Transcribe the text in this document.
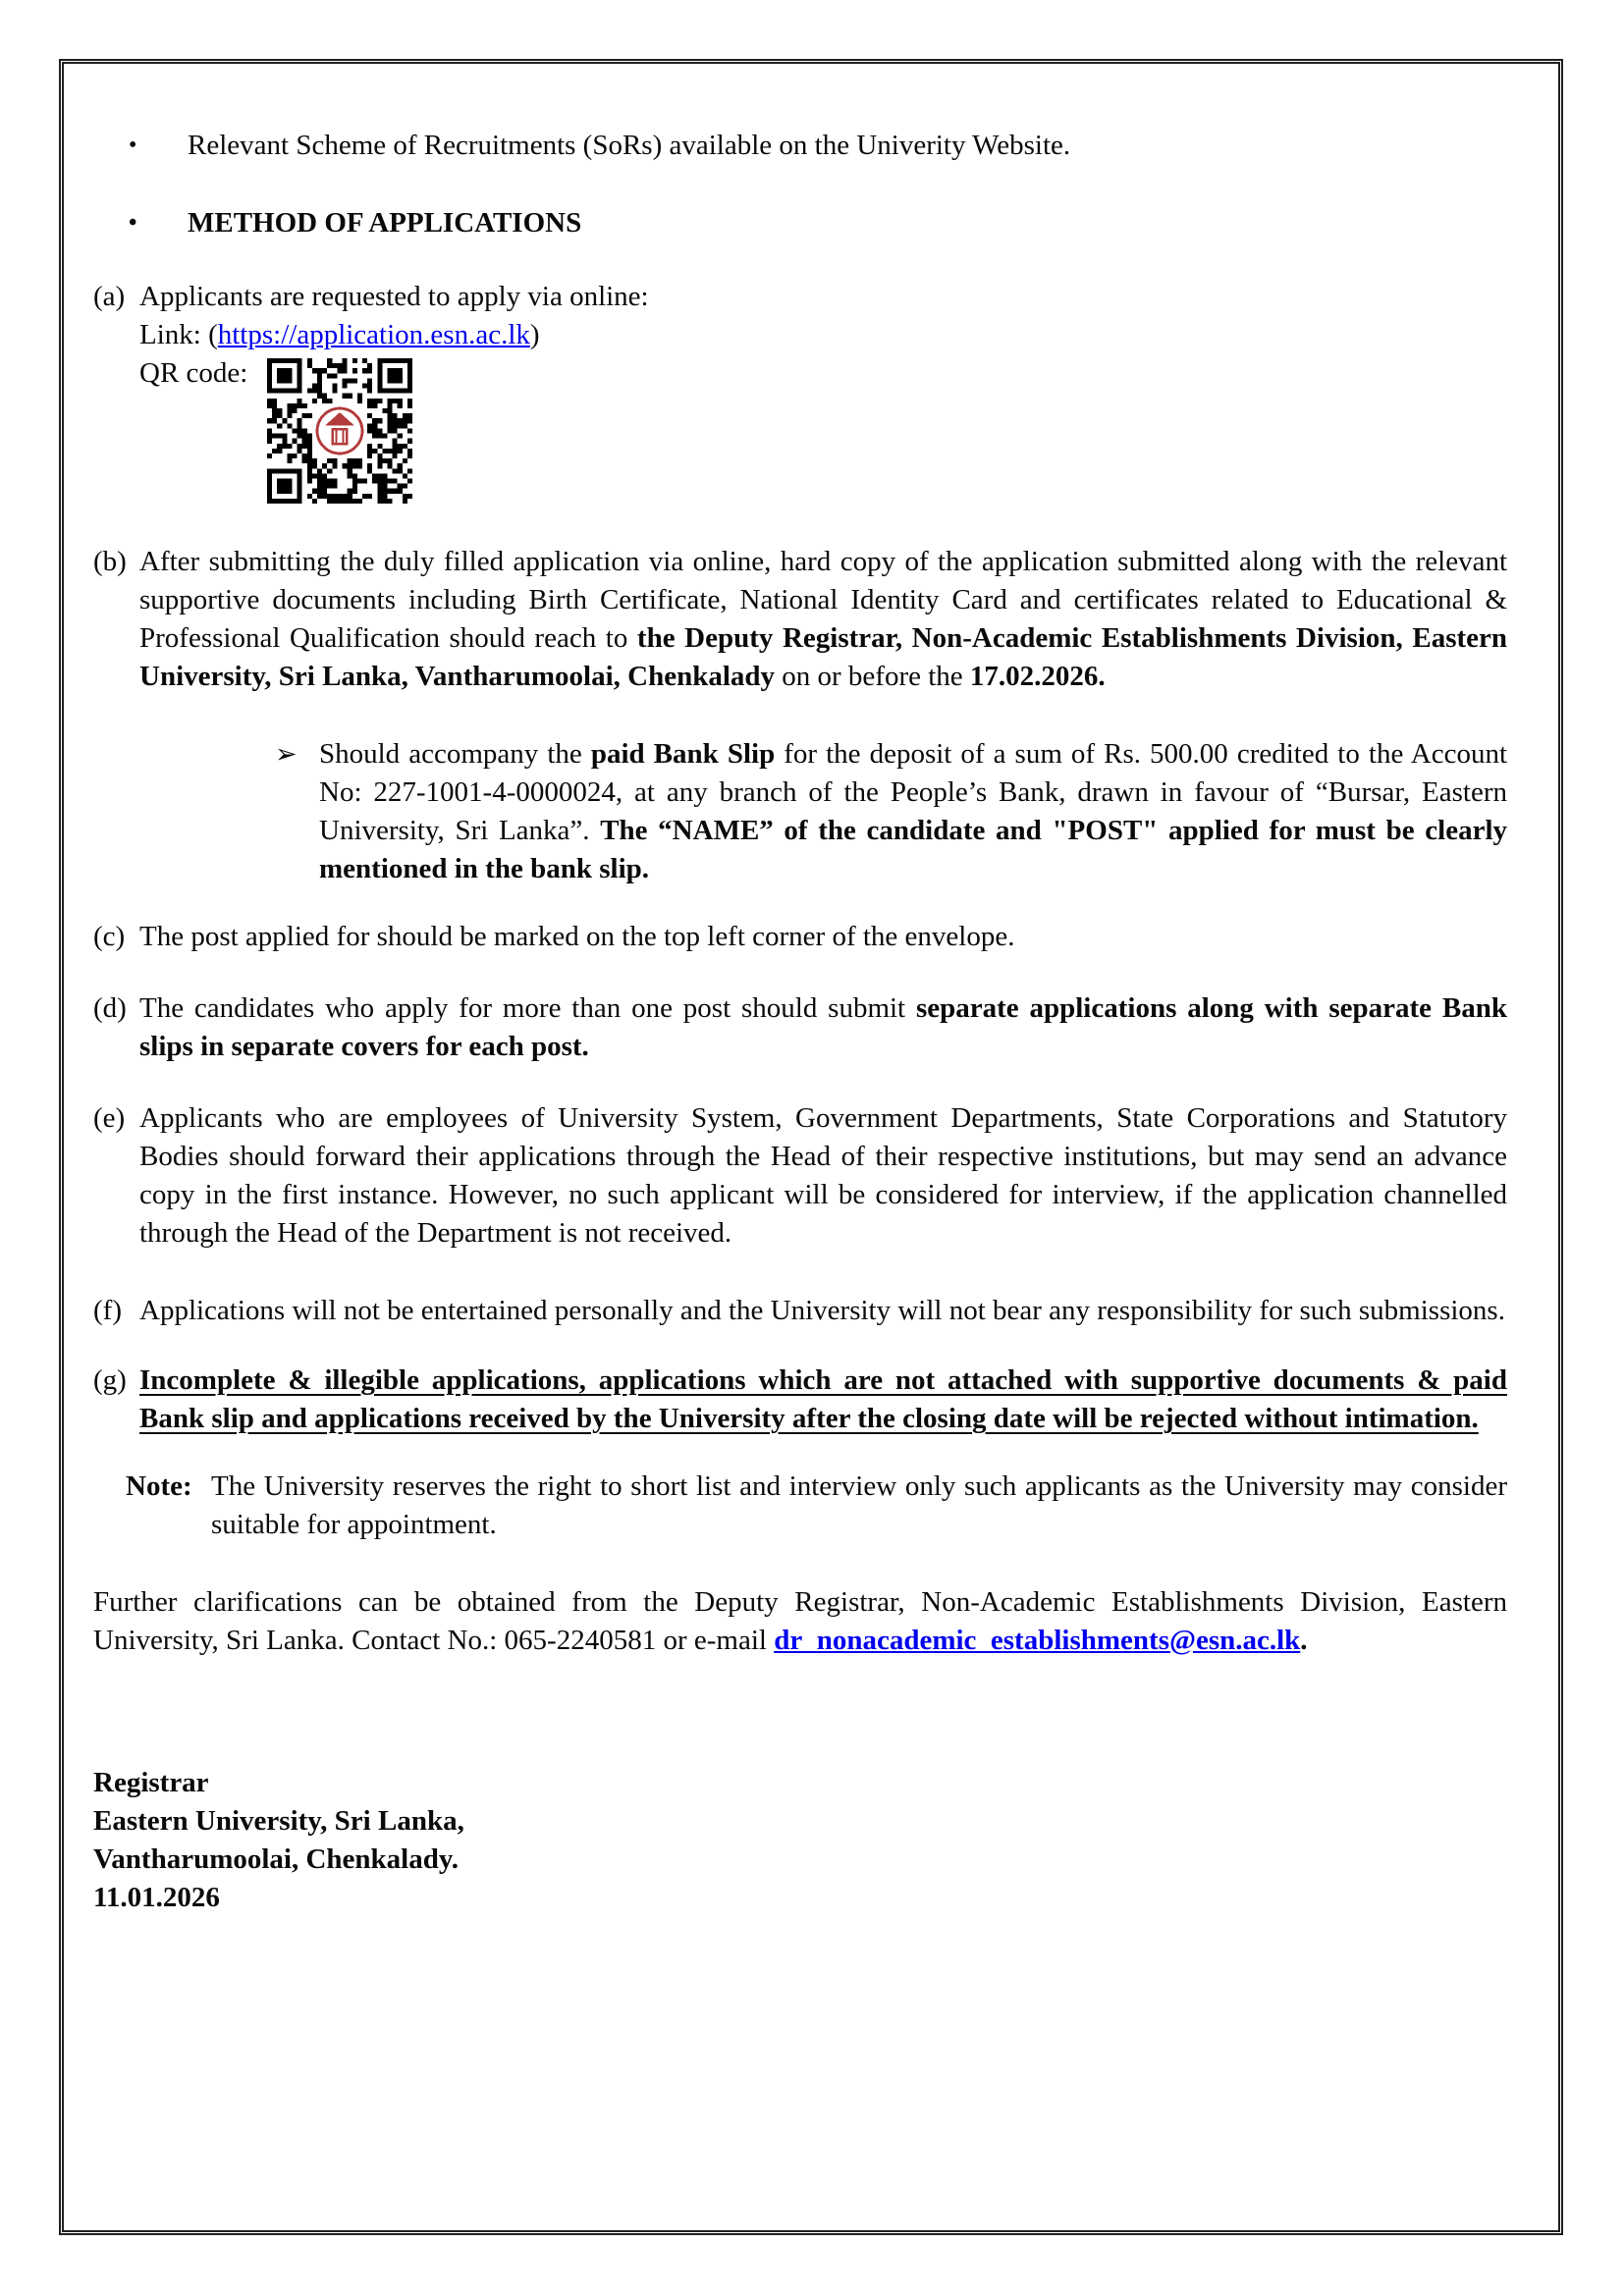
•	Relevant Scheme of Recruitments (SoRs) available on the Univerity Website.
•	METHOD OF APPLICATIONS
(a) Applicants are requested to apply via online:
Link: (https://application.esn.ac.lk)
QR code:
(b) After submitting the duly filled application via online, hard copy of the application submitted along with the relevant supportive documents including Birth Certificate, National Identity Card and certificates related to Educational & Professional Qualification should reach to the Deputy Registrar, Non-Academic Establishments Division, Eastern University, Sri Lanka, Vantharumoolai, Chenkalady on or before the 17.02.2026.
➢ Should accompany the paid Bank Slip for the deposit of a sum of Rs. 500.00 credited to the Account No: 227-1001-4-0000024, at any branch of the People’s Bank, drawn in favour of “Bursar, Eastern University, Sri Lanka”. The “NAME” of the candidate and "POST" applied for must be clearly mentioned in the bank slip.
(c) The post applied for should be marked on the top left corner of the envelope.
(d) The candidates who apply for more than one post should submit separate applications along with separate Bank slips in separate covers for each post.
(e) Applicants who are employees of University System, Government Departments, State Corporations and Statutory Bodies should forward their applications through the Head of their respective institutions, but may send an advance copy in the first instance. However, no such applicant will be considered for interview, if the application channelled through the Head of the Department is not received.
(f) Applications will not be entertained personally and the University will not bear any responsibility for such submissions.
(g) Incomplete & illegible applications, applications which are not attached with supportive documents & paid Bank slip and applications received by the University after the closing date will be rejected without intimation.
Note: The University reserves the right to short list and interview only such applicants as the University may consider suitable for appointment.
Further clarifications can be obtained from the Deputy Registrar, Non-Academic Establishments Division, Eastern University, Sri Lanka. Contact No.: 065-2240581 or e-mail dr_nonacademic_establishments@esn.ac.lk.
Registrar
Eastern University, Sri Lanka,
Vantharumoolai, Chenkalady.
11.01.2026
